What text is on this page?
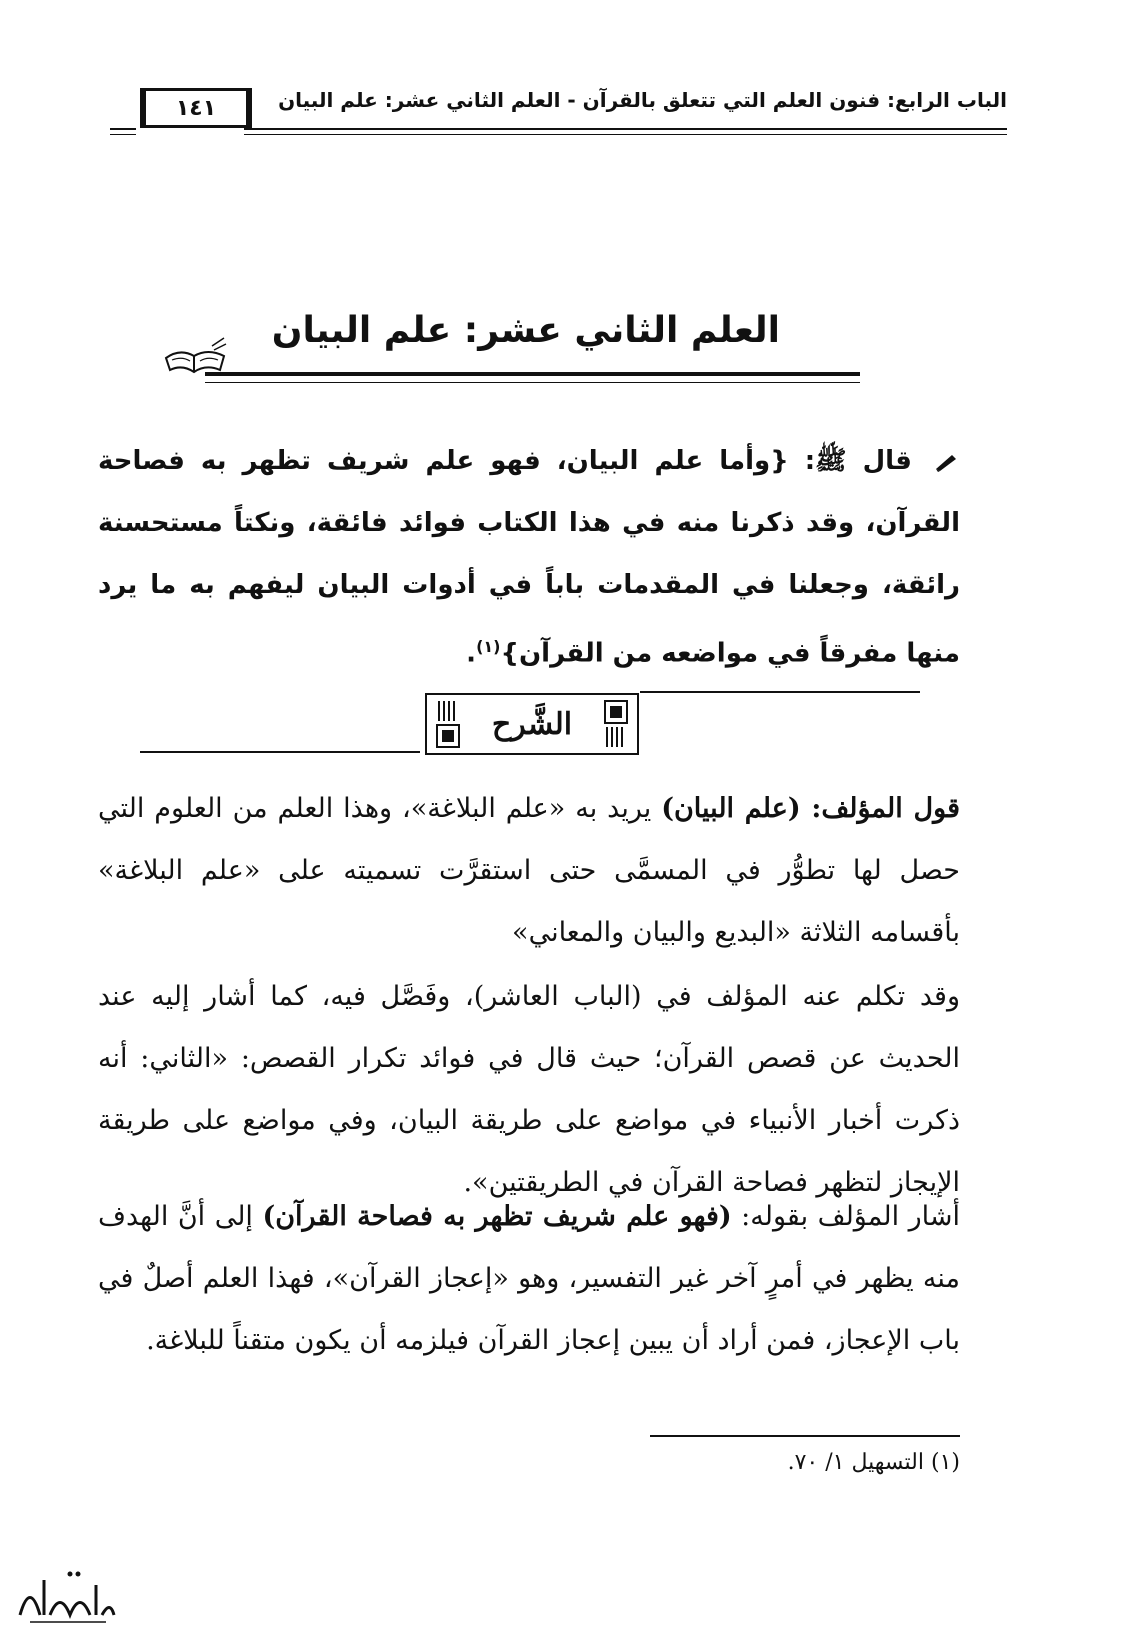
١٤١	الباب الرابع: فنون العلم التي تتعلق بالقرآن - العلم الثاني عشر: علم البيان
العلم الثاني عشر: علم البيان
قال ﷺ: {وأما علم البيان، فهو علم شريف تظهر به فصاحة القرآن، وقد ذكرنا منه في هذا الكتاب فوائد فائقة، ونكتاً مستحسنة رائقة، وجعلنا في المقدمات باباً في أدوات البيان ليفهم به ما يرد منها مفرقاً في مواضعه من القرآن}$^{(١)}$.
الشَّرح
قول المؤلف: (علم البيان) يريد به «علم البلاغة»، وهذا العلم من العلوم التي حصل لها تطوُّر في المسمَّى حتى استقرَّت تسميته على «علم البلاغة» بأقسامه الثلاثة «البديع والبيان والمعاني»
وقد تكلم عنه المؤلف في (الباب العاشر)، وفَصَّل فيه، كما أشار إليه عند الحديث عن قصص القرآن؛ حيث قال في فوائد تكرار القصص: «الثاني: أنه ذكرت أخبار الأنبياء في مواضع على طريقة البيان، وفي مواضع على طريقة الإيجاز لتظهر فصاحة القرآن في الطريقتين».
أشار المؤلف بقوله: (فهو علم شريف تظهر به فصاحة القرآن) إلى أنَّ الهدف منه يظهر في أمرٍ آخر غير التفسير، وهو «إعجاز القرآن»، فهذا العلم أصلٌ في باب الإعجاز، فمن أراد أن يبين إعجاز القرآن فيلزمه أن يكون متقناً للبلاغة.
(١) التسهيل ١/ ٧٠.
